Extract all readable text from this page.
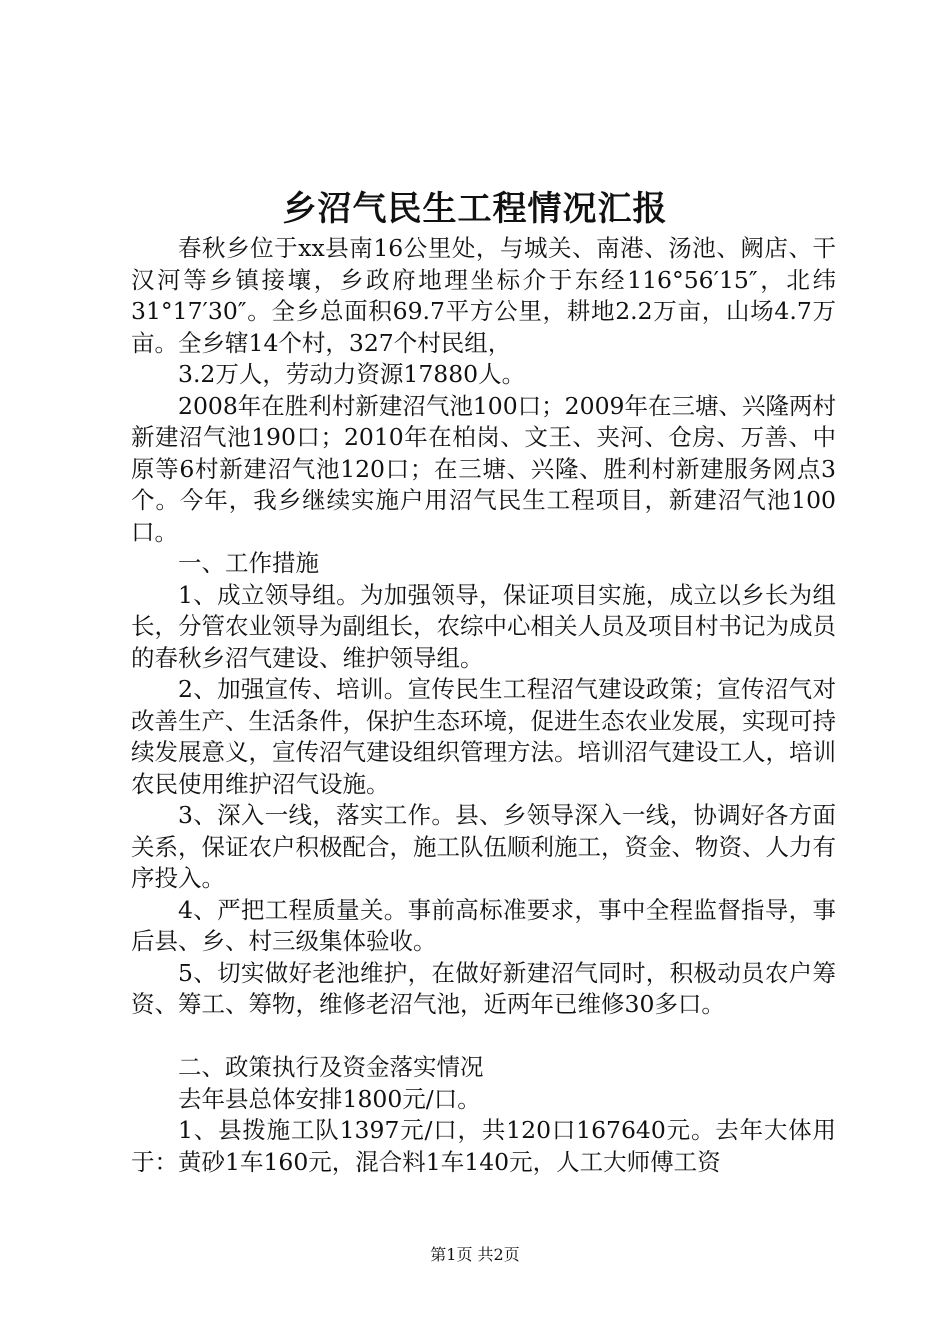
乡沼气民生工程情况汇报

春秋乡位于xx县南16公里处，与城关、南港、汤池、阙店、干汉河等乡镇接壤，乡政府地理坐标介于东经116°56′15″，北纬31°17′30″。全乡总面积69.7平方公里，耕地2.2万亩，山场4.7万亩。全乡辖14个村，327个村民组，

3.2万人，劳动力资源17880人。

2008年在胜利村新建沼气池100口；2009年在三塘、兴隆两村新建沼气池190口；2010年在柏岗、文王、夹河、仓房、万善、中原等6村新建沼气池120口；在三塘、兴隆、胜利村新建服务网点3个。今年，我乡继续实施户用沼气民生工程项目，新建沼气池100口。

一、工作措施

1、成立领导组。为加强领导，保证项目实施，成立以乡长为组长，分管农业领导为副组长，农综中心相关人员及项目村书记为成员的春秋乡沼气建设、维护领导组。

2、加强宣传、培训。宣传民生工程沼气建设政策；宣传沼气对改善生产、生活条件，保护生态环境，促进生态农业发展，实现可持续发展意义，宣传沼气建设组织管理方法。培训沼气建设工人，培训农民使用维护沼气设施。

3、深入一线，落实工作。县、乡领导深入一线，协调好各方面关系，保证农户积极配合，施工队伍顺利施工，资金、物资、人力有序投入。

4、严把工程质量关。事前高标准要求，事中全程监督指导，事后县、乡、村三级集体验收。

5、切实做好老池维护，在做好新建沼气同时，积极动员农户筹资、筹工、筹物，维修老沼气池，近两年已维修30多口。

二、政策执行及资金落实情况

去年县总体安排1800元/口。

1、县拨施工队1397元/口，共120口167640元。去年大体用于：黄砂1车160元，混合料1车140元，人工大师傅工资

第1页 共2页
